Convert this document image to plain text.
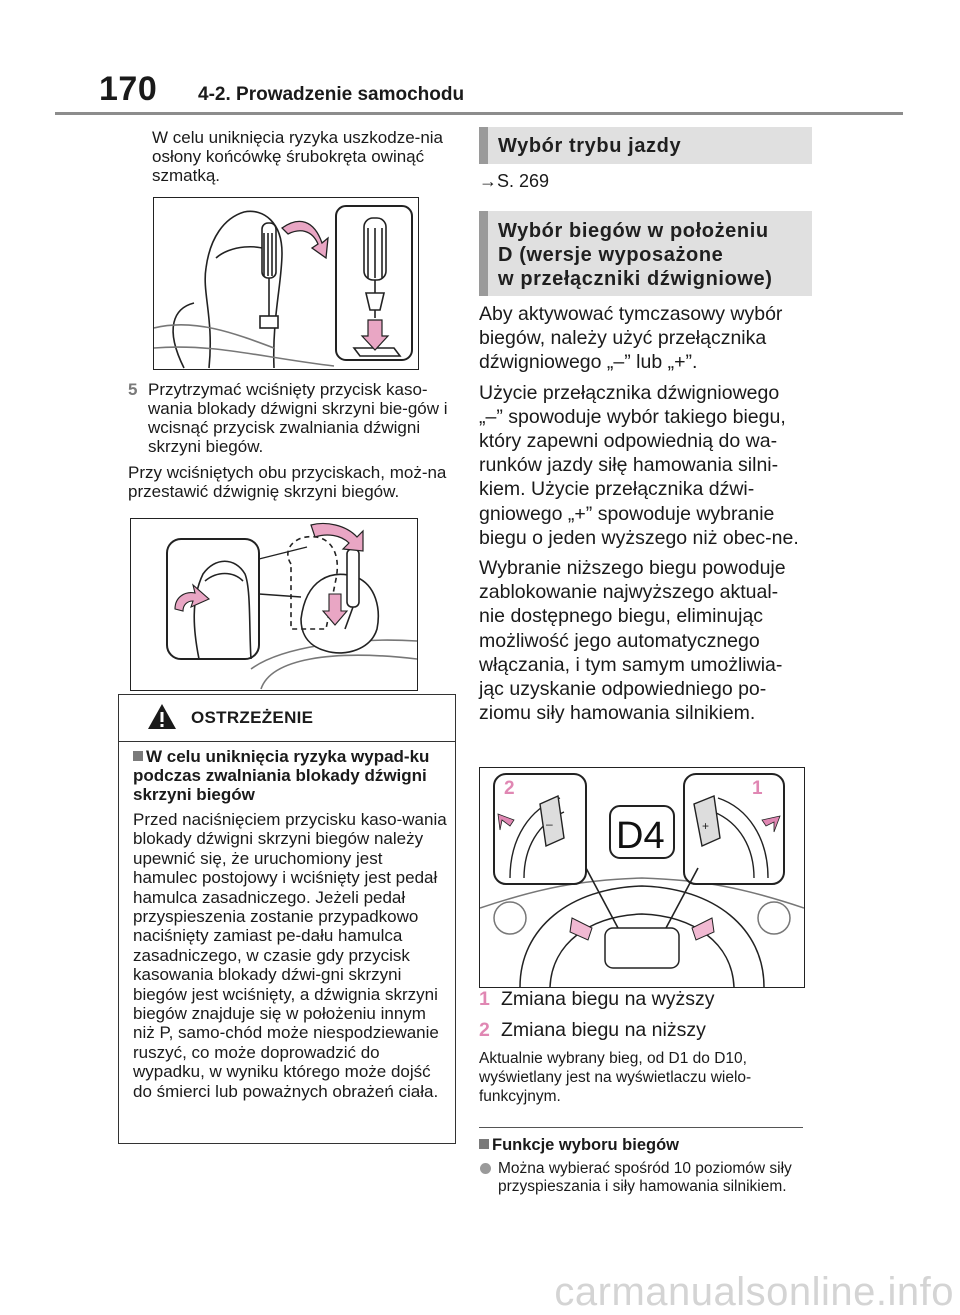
170 4-2. Prowadzenie samochodu
W celu uniknięcia ryzyka uszkodze-nia osłony końcówkę śrubokręta owinąć szmatką.
5 Przytrzymać wciśnięty przycisk kaso-wania blokady dźwigni skrzyni bie-gów i wcisnąć przycisk zwalniania dźwigni skrzyni biegów.
Przy wciśniętych obu przyciskach, moż-na przestawić dźwignię skrzyni biegów.
OSTRZEŻENIE
W celu uniknięcia ryzyka wypad-ku podczas zwalniania blokady dźwigni skrzyni biegów
Przed naciśnięciem przycisku kaso-wania blokady dźwigni skrzyni biegów należy upewnić się, że uruchomiony jest hamulec postojowy i wciśnięty jest pedał hamulca zasadniczego. Jeżeli pedał przyspieszenia zostanie przypadkowo naciśnięty zamiast pe-dału hamulca zasadniczego, w czasie gdy przycisk kasowania blokady dźwi-gni skrzyni biegów jest wciśnięty, a dźwignia skrzyni biegów znajduje się w położeniu innym niż P, samo-chód może niespodziewanie ruszyć, co może doprowadzić do wypadku, w wyniku którego może dojść do śmierci lub poważnych obrażeń ciała.
Wybór trybu jazdy
→S. 269
Wybór biegów w położeniu
D (wersje wyposażone
w przełączniki dźwigniowe)

Aby aktywować tymczasowy wybór biegów, należy użyć przełącznika dźwigniowego „–” lub „+”.

Użycie przełącznika dźwigniowego „–” spowoduje wybór takiego biegu, który zapewni odpowiednią do wa-runków jazdy siłę hamowania silni-kiem. Użycie przełącznika dźwi-gniowego „+” spowoduje wybranie biegu o jeden wyższego niż obec-ne.

Wybranie niższego biegu powoduje zablokowanie najwyższego aktual-nie dostępnego biegu, eliminując możliwość jego automatycznego włączania, i tym samym umożliwia-jąc uzyskanie odpowiedniego po-ziomu siły hamowania silnikiem.

–
2
+
1
D4
1 Zmiana biegu na wyższy
2 Zmiana biegu na niższy
Aktualnie wybrany bieg, od D1 do D10, wyświetlany jest na wyświetlaczu wielo-funkcyjnym.
Funkcje wyboru biegów
Można wybierać spośród 10 poziomów siły przyspieszania i siły hamowania silnikiem.
carmanualsonline.info
